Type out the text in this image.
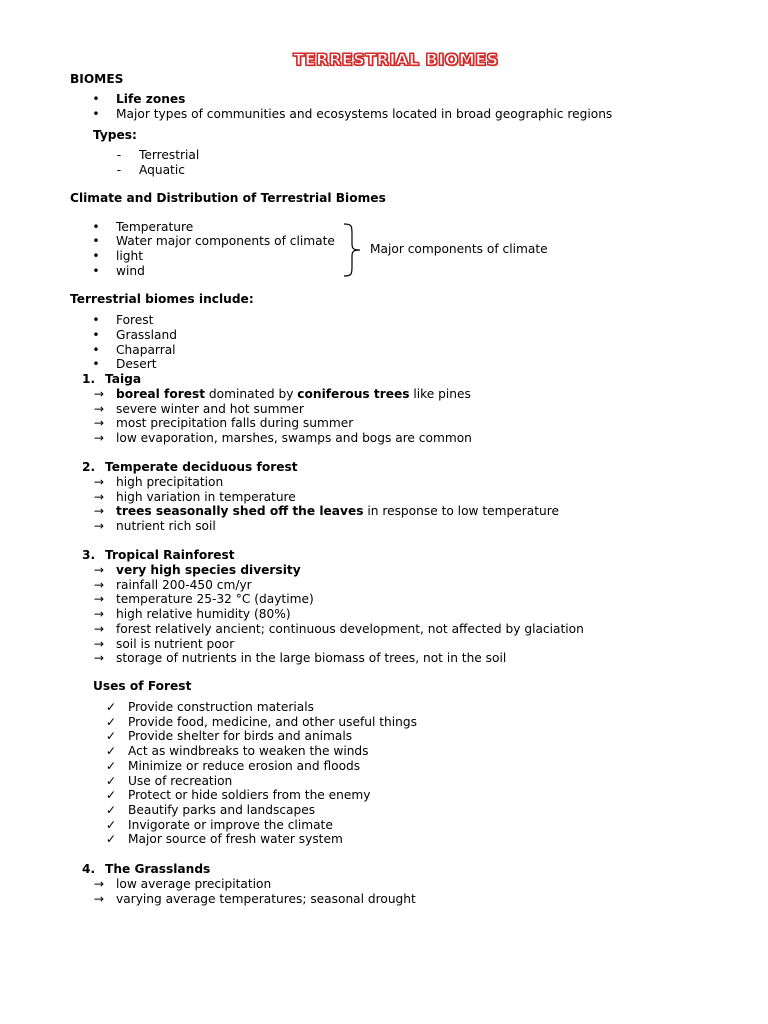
TERRESTRIAL BIOMES
BIOMES
• Life zones
• Major types of communities and ecosystems located in broad geographic regions
Types:
-	Terrestrial
-	Aquatic
Climate and Distribution of Terrestrial Biomes
• Temperature
• Water major components of climate
• light
• wind
Major components of climate
Terrestrial biomes include:
• Forest
• Grassland
• Chaparral
• Desert
1. Taiga
→ boreal forest dominated by coniferous trees like pines
→ severe winter and hot summer
→ most precipitation falls during summer
→ low evaporation, marshes, swamps and bogs are common
2. Temperate deciduous forest
→ high precipitation
→ high variation in temperature
→ trees seasonally shed off the leaves in response to low temperature
→ nutrient rich soil
3. Tropical Rainforest
→ very high species diversity
→ rainfall 200-450 cm/yr
→ temperature 25-32 °C (daytime)
→ high relative humidity (80%)
→ forest relatively ancient; continuous development, not affected by glaciation
→ soil is nutrient poor
→ storage of nutrients in the large biomass of trees, not in the soil
Uses of Forest
✓ Provide construction materials
✓ Provide food, medicine, and other useful things
✓ Provide shelter for birds and animals
✓ Act as windbreaks to weaken the winds
✓ Minimize or reduce erosion and floods
✓ Use of recreation
✓ Protect or hide soldiers from the enemy
✓ Beautify parks and landscapes
✓ Invigorate or improve the climate
✓ Major source of fresh water system
4. The Grasslands
→ low average precipitation
→ varying average temperatures; seasonal drought
